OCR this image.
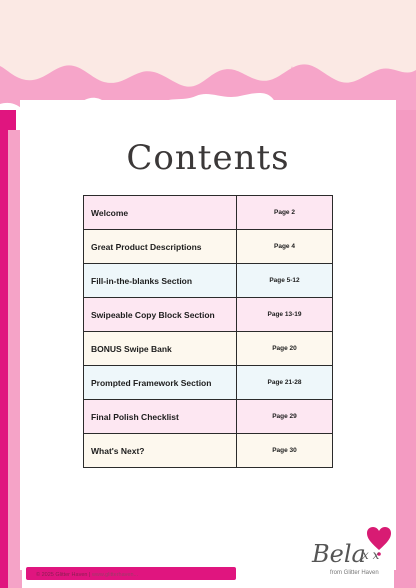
Contents
Welcome	Page 2
Great Product Descriptions	Page 4
Fill-in-the-blanks Section	Page 5-12
Swipeable Copy Block Section	Page 13-19
BONUS Swipe Bank	Page 20
Prompted Framework Section	Page 21-28
Final Polish Checklist	Page 29
What's Next?	Page 30
© 2025 Glitter Haven | www.glitterhaven...
Bela
x x
from Glitter Haven
